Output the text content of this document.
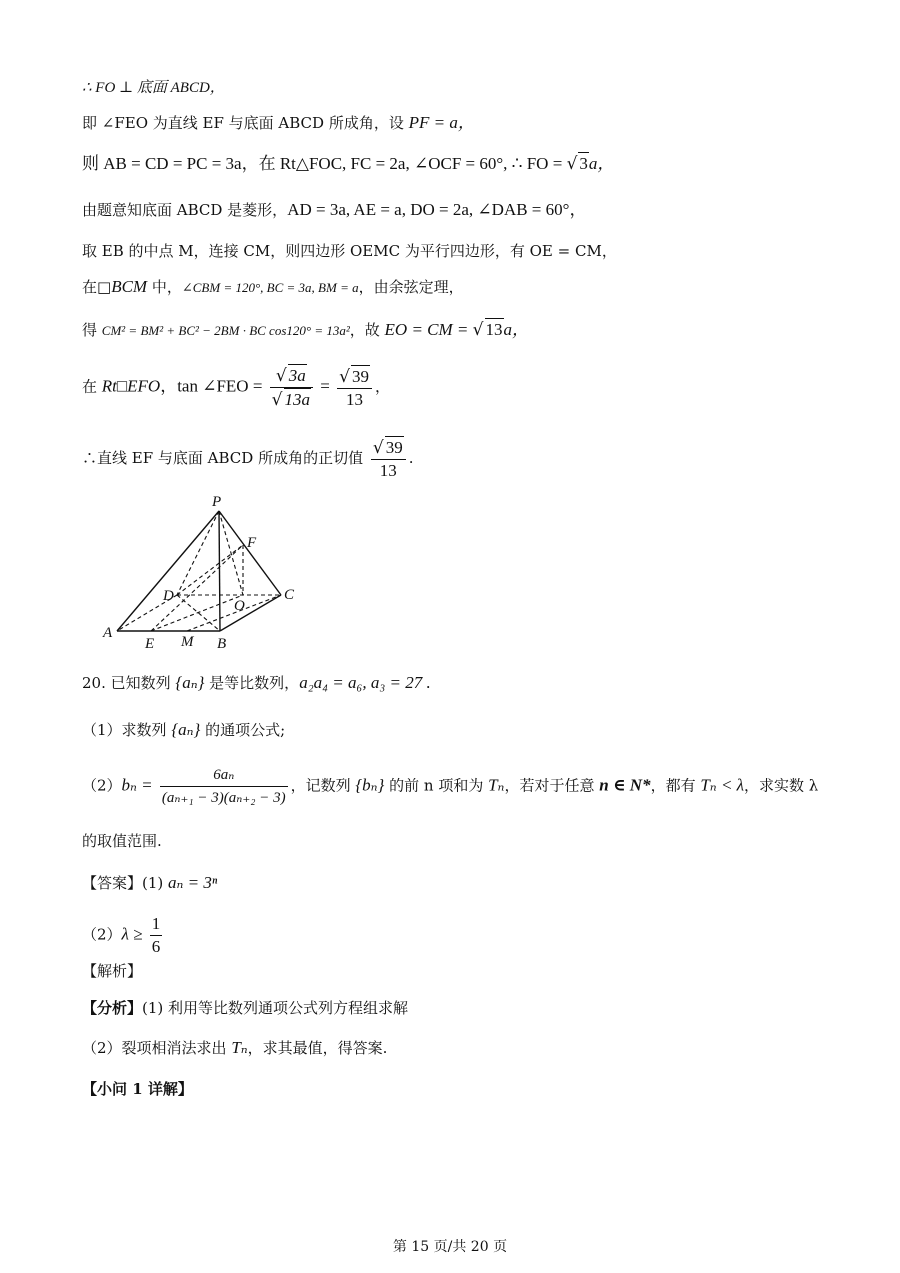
∴ FO ⊥ 底面 ABCD，
即 ∠FEO 为直线 EF 与底面 ABCD 所成角，设 PF = a，
则 AB = CD = PC = 3a，在 Rt△FOC, FC = 2a, ∠OCF = 60°, ∴ FO = √ 3a，
由题意知底面 ABCD 是菱形，AD = 3a, AE = a, DO = 2a, ∠DAB = 60°，
取 EB 的中点 M，连接 CM，则四边形 OEMC 为平行四边形，有 OE = CM，
在□BCM 中，∠CBM = 120°, BC = 3a, BM = a，由余弦定理，
得 CM² = BM² + BC² − 2BM · BC cos120° = 13a²，故 EO = CM = √ 13a，
在 Rt□EFO，tan ∠FEO = $\frac{√ 3a}{√ 13a} = \frac{√ 39}{13}$ ，
∴直线 EF 与底面 ABCD 所成角的正切值 $\frac{√ 39}{13}$ .
P
F
D
O
C
A
E M B
20. 已知数列 {aₙ} 是等比数列，a₂a₄ = a₆, a₃ = 27 .
（1）求数列 {aₙ} 的通项公式;
$(2)b_n = \frac{\text{6aₙ}}{\text{(aₙ₊₁ − 3)(aₙ₊₂ − 3)}}$ ，记数列 {bₙ} 的前 n 项和为 Tₙ，若对于任意 n ∈ N*，都有 Tₙ < λ，求实数 λ
的取值范围.
【答案】(1) aₙ = 3ⁿ
$(2)\lambda \ge \frac{1}{6}$
【解析】
【分析】(1) 利用等比数列通项公式列方程组求解
（2）裂项相消法求出 Tₙ，求其最值，得答案.
【小问 1 详解】
第 15 页/共 20 页
